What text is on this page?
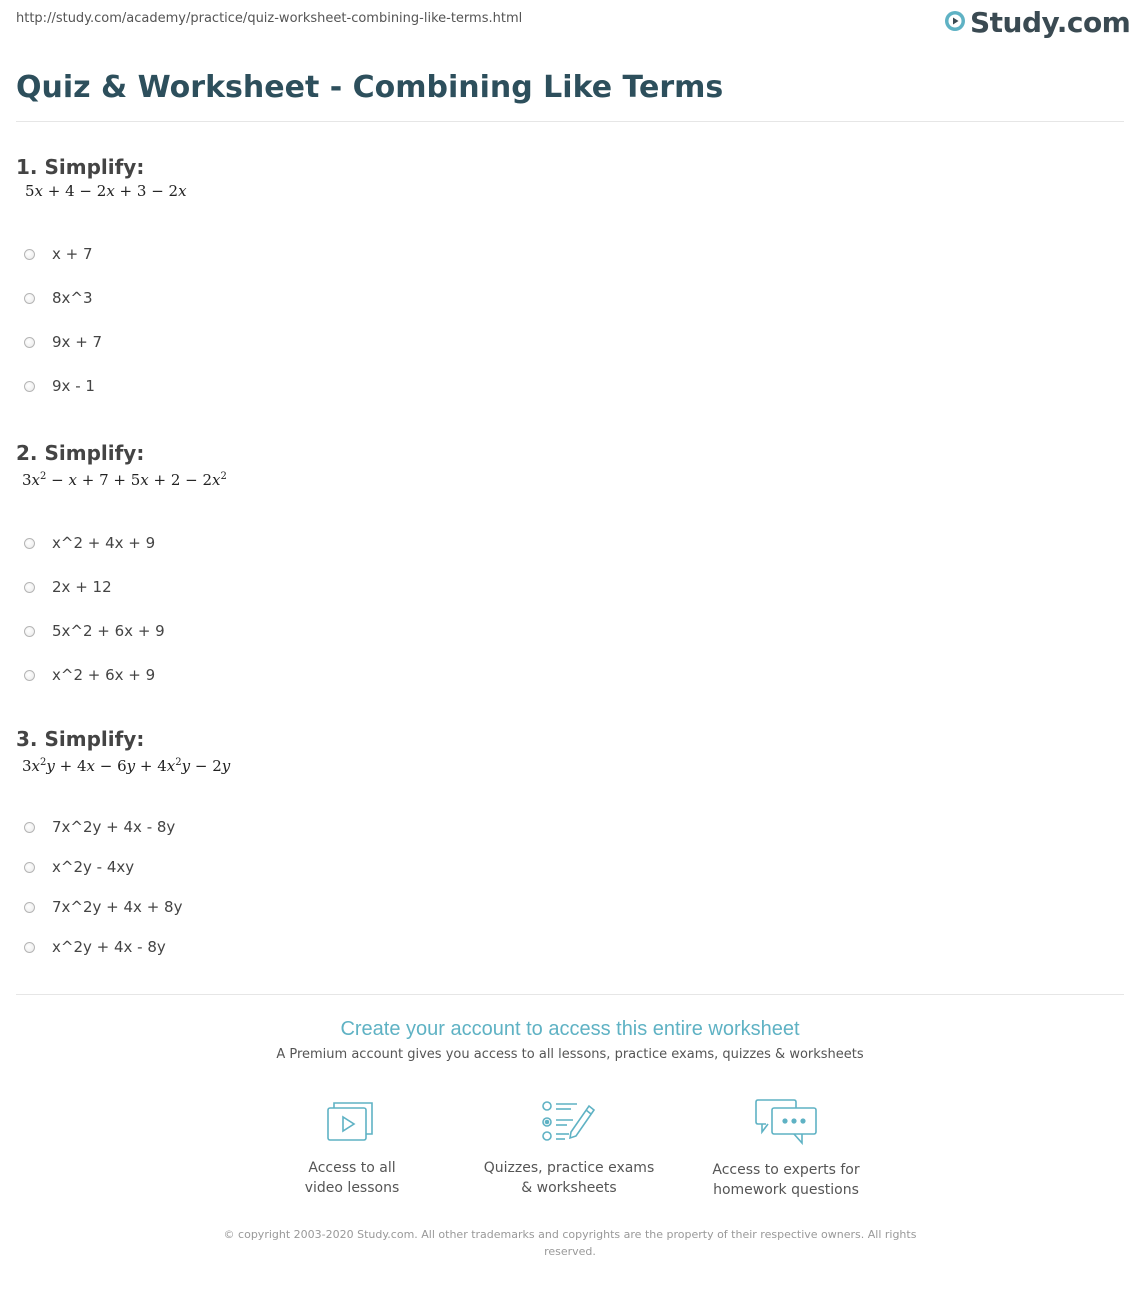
http://study.com/academy/practice/quiz-worksheet-combining-like-terms.html	Study.com
Quiz & Worksheet - Combining Like Terms
1. Simplify:
5x + 4 − 2x + 3 − 2x
x + 7
8x^3
9x + 7
9x - 1
2. Simplify:
$3x^2 - x + 7 + 5x + 2 - 2x^2$
x^2 + 4x + 9
2x + 12
5x^2 + 6x + 9
x^2 + 6x + 9
3. Simplify:
$3x^2y + 4x - 6y + 4x^2y - 2y$
7x^2y + 4x - 8y
x^2y - 4xy
7x^2y + 4x + 8y
x^2y + 4x - 8y
Create your account to access this entire worksheet

A Premium account gives you access to all lessons, practice exams, quizzes & worksheets

Access to all
video lessons
Quizzes, practice exams
& worksheets
Access to experts for
homework questions
© copyright 2003-2020 Study.com. All other trademarks and copyrights are the property of their respective owners. All rights reserved.
